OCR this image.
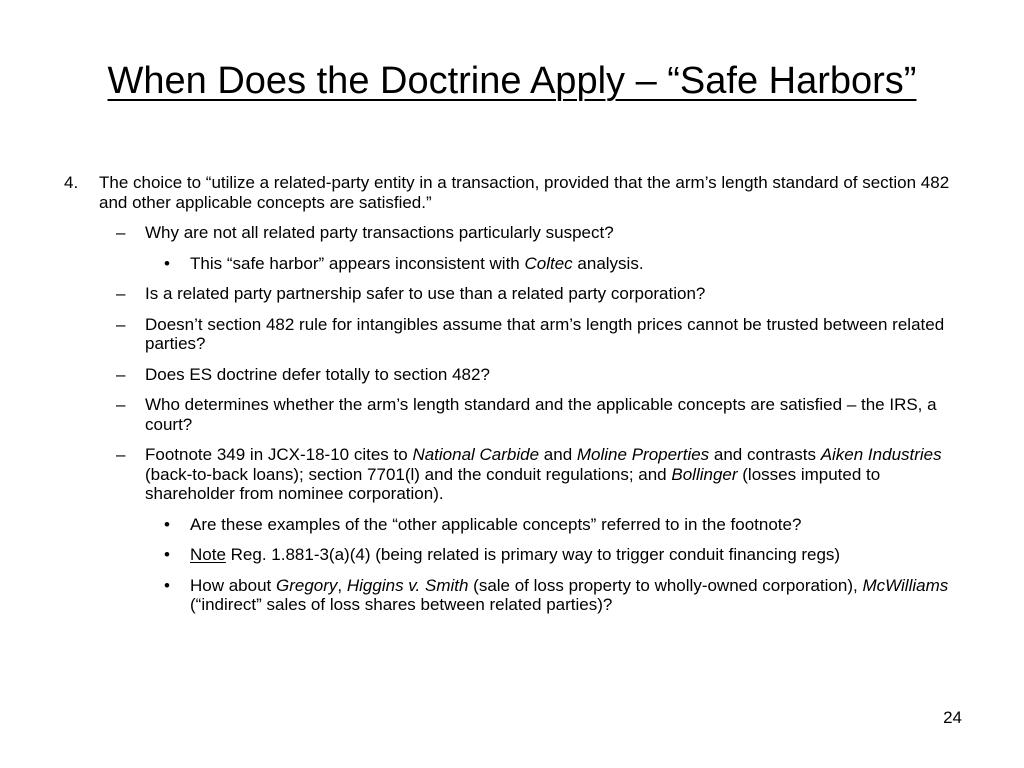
When Does the Doctrine Apply – “Safe Harbors”
4. The choice to “utilize a related-party entity in a transaction, provided that the arm’s length standard of section 482 and other applicable concepts are satisfied.”
– Why are not all related party transactions particularly suspect?
• This “safe harbor” appears inconsistent with Coltec analysis.
– Is a related party partnership safer to use than a related party corporation?
– Doesn’t section 482 rule for intangibles assume that arm’s length prices cannot be trusted between related parties?
– Does ES doctrine defer totally to section 482?
– Who determines whether the arm’s length standard and the applicable concepts are satisfied – the IRS, a court?
– Footnote 349 in JCX-18-10 cites to National Carbide and Moline Properties and contrasts Aiken Industries (back-to-back loans); section 7701(l) and the conduit regulations; and Bollinger (losses imputed to shareholder from nominee corporation).
• Are these examples of the “other applicable concepts” referred to in the footnote?
• Note Reg. 1.881-3(a)(4) (being related is primary way to trigger conduit financing regs)
• How about Gregory, Higgins v. Smith (sale of loss property to wholly-owned corporation), McWilliams (“indirect” sales of loss shares between related parties)?
24
